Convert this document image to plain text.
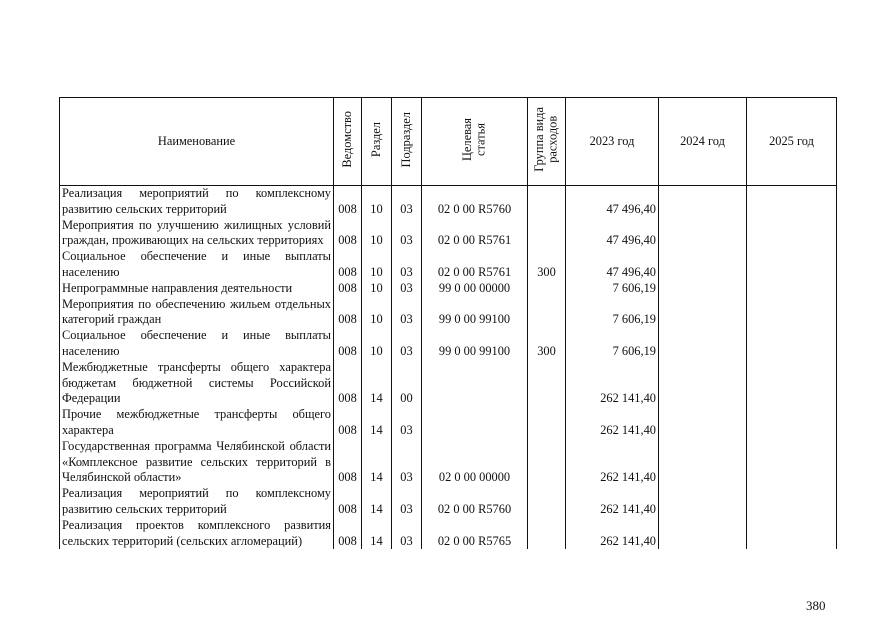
Наименование	Ведомство	Раздел	Подраздел	Целевая
статья	Группа вида
расходов	2023 год	2024 год	2025 год
Реализация мероприятий по комплексному развитию сельских территорий	008	10	03	02 0 00 R5760		47 496,40		
Мероприятия по улучшению жилищных условий граждан, проживающих на сельских территориях	008	10	03	02 0 00 R5761		47 496,40		
Социальное обеспечение и иные выплаты населению	008	10	03	02 0 00 R5761	300	47 496,40		
Непрограммные направления деятельности	008	10	03	99 0 00 00000		7 606,19		
Мероприятия по обеспечению жильем отдельных категорий граждан	008	10	03	99 0 00 99100		7 606,19		
Социальное обеспечение и иные выплаты населению	008	10	03	99 0 00 99100	300	7 606,19		
Межбюджетные трансферты общего характера бюджетам бюджетной системы Российской Федерации	008	14	00			262 141,40		
Прочие межбюджетные трансферты общего характера	008	14	03			262 141,40		
Государственная программа Челябинской области «Комплексное развитие сельских территорий в Челябинской области»	008	14	03	02 0 00 00000		262 141,40		
Реализация мероприятий по комплексному развитию сельских территорий	008	14	03	02 0 00 R5760		262 141,40		
Реализация проектов комплексного развития сельских территорий (сельских агломераций)	008	14	03	02 0 00 R5765		262 141,40		
380
